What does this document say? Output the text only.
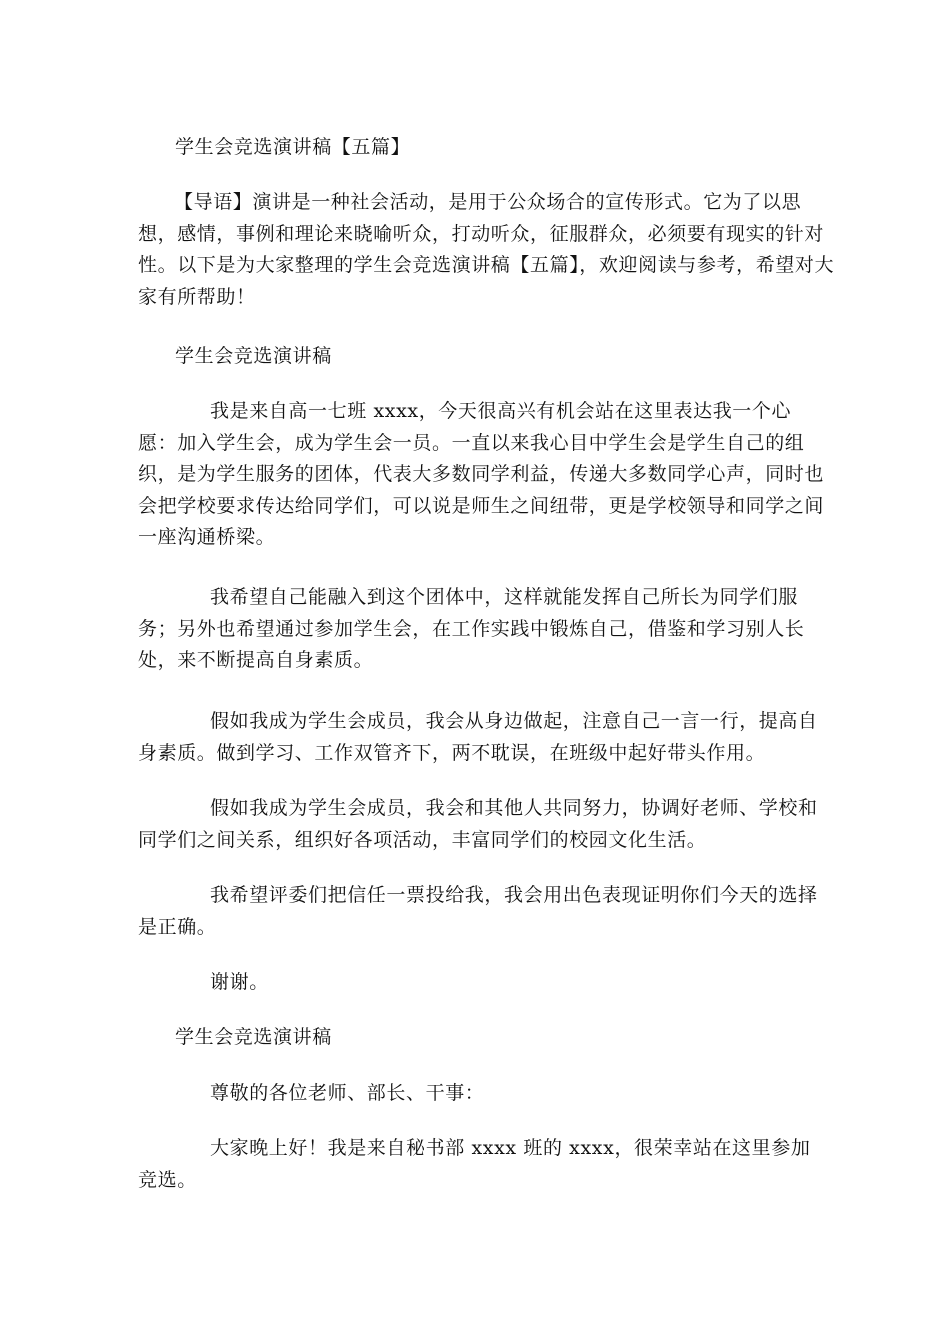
学生会竞选演讲稿【五篇】

【导语】演讲是一种社会活动，是用于公众场合的宣传形式。它为了以思想，感情，事例和理论来晓喻听众，打动听众，征服群众，必须要有现实的针对性。以下是为大家整理的学生会竞选演讲稿【五篇】，欢迎阅读与参考，希望对大家有所帮助！

学生会竞选演讲稿

我是来自高一七班 xxxx，今天很高兴有机会站在这里表达我一个心愿：加入学生会，成为学生会一员。一直以来我心目中学生会是学生自己的组织，是为学生服务的团体，代表大多数同学利益，传递大多数同学心声，同时也会把学校要求传达给同学们，可以说是师生之间纽带，更是学校领导和同学之间一座沟通桥梁。

我希望自己能融入到这个团体中，这样就能发挥自己所长为同学们服务；另外也希望通过参加学生会，在工作实践中锻炼自己，借鉴和学习别人长处，来不断提高自身素质。

假如我成为学生会成员，我会从身边做起，注意自己一言一行，提高自身素质。做到学习、工作双管齐下，两不耽误，在班级中起好带头作用。

假如我成为学生会成员，我会和其他人共同努力，协调好老师、学校和同学们之间关系，组织好各项活动，丰富同学们的校园文化生活。

我希望评委们把信任一票投给我，我会用出色表现证明你们今天的选择是正确。

谢谢。

学生会竞选演讲稿

尊敬的各位老师、部长、干事：

大家晚上好！我是来自秘书部 xxxx 班的 xxxx，很荣幸站在这里参加竞选。
